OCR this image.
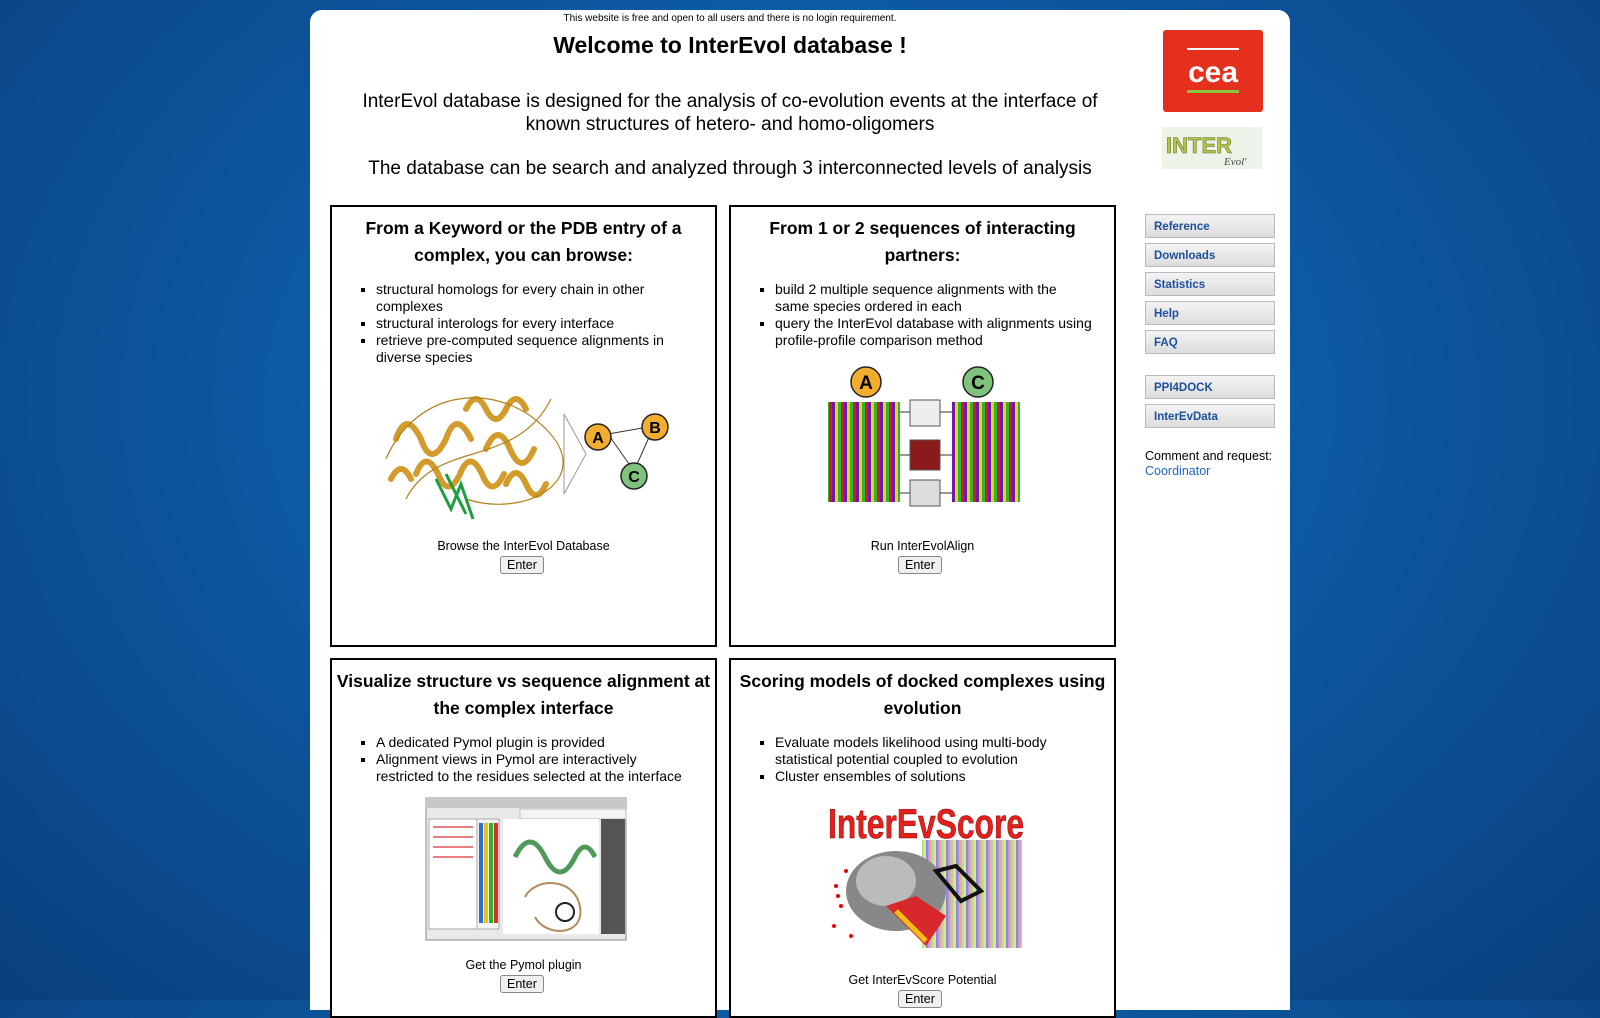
This website is free and open to all users and there is no login requirement.
Welcome to InterEvol database !
InterEvol database is designed for the analysis of co-evolution events at the interface of known structures of hetero- and homo-oligomers
The database can be search and analyzed through 3 interconnected levels of analysis
From a Keyword or the PDB entry of a complex, you can browse:
▪ structural homologs for every chain in other complexes
▪ structural interologs for every interface
▪ retrieve pre-computed sequence alignments in diverse species
A
B
C
Browse the InterEvol Database
Enter
From 1 or 2 sequences of interacting partners:
▪ build 2 multiple sequence alignments with the same species ordered in each
▪ query the InterEvol database with alignments using profile-profile comparison method
A	C
Run InterEvolAlign
Enter
Visualize structure vs sequence alignment at the complex interface
▪ A dedicated Pymol plugin is provided
▪ Alignment views in Pymol are interactively restricted to the residues selected at the interface
Get the Pymol plugin
Enter
Scoring models of docked complexes using evolution
▪ Evaluate models likelihood using multi-body statistical potential coupled to evolution
▪ Cluster ensembles of solutions
InterEvScore
Get InterEvScore Potential
Enter
cea
INTER
Evol'
Reference
Downloads
Statistics
Help
FAQ
PPI4DOCK
InterEvData
Comment and request:
Coordinator
